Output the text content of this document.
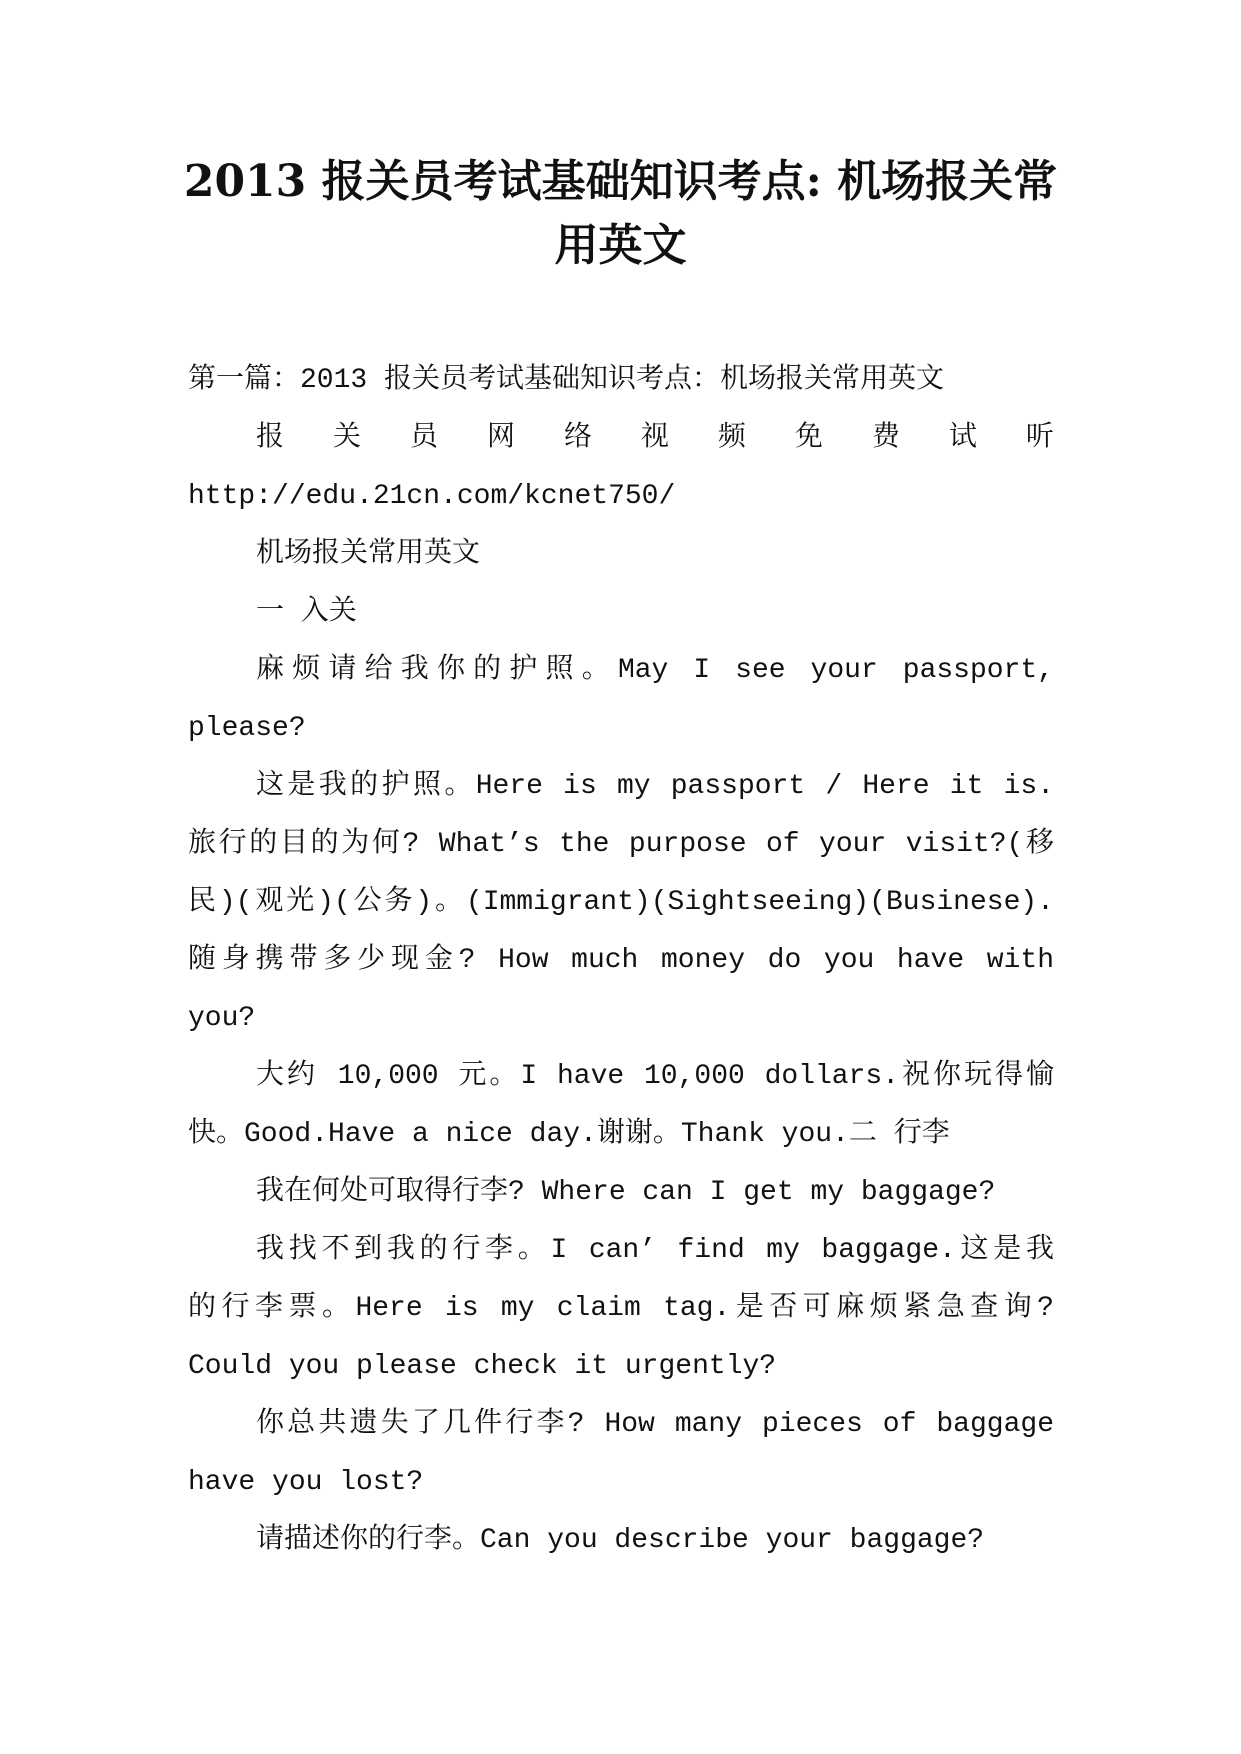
2013 报关员考试基础知识考点: 机场报关常
用英文
第一篇：2013 报关员考试基础知识考点：机场报关常用英文
报 关 员 网 络 视 频 免 费 试 听
http://edu.21cn.com/kcnet750/
机场报关常用英文
一 入关
麻烦请给我你的护照。May I see your passport,
please?
这是我的护照。Here is my passport / Here it is.
旅行的目的为何? What’s the purpose of your visit?(移
民)(观光)(公务)。(Immigrant)(Sightseeing)(Businese).
随身携带多少现金? How much money do you have with
you?
大约 10,000 元。I have 10,000 dollars.祝你玩得愉
快。Good.Have a nice day.谢谢。Thank you.二 行李
我在何处可取得行李? Where can I get my baggage?
我找不到我的行李。I can’ find my baggage.这是我
的行李票。Here is my claim tag.是否可麻烦紧急查询?
Could you please check it urgently?
你总共遗失了几件行李? How many pieces of baggage
have you lost?
请描述你的行李。Can you describe your baggage?
